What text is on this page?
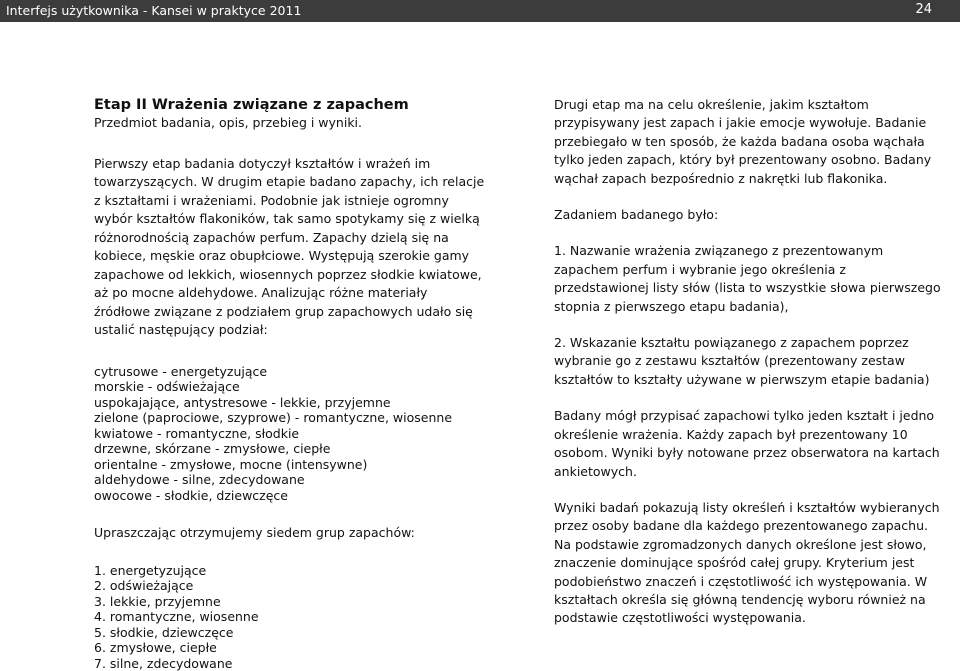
Interfejs użytkownika - Kansei w praktyce 2011	24

Etap II Wrażenia związane z zapachem

Przedmiot badania, opis, przebieg i wyniki.

Pierwszy etap badania dotyczył kształtów i wrażeń im

towarzyszących. W drugim etapie badano zapachy, ich relacje

z kształtami i wrażeniami. Podobnie jak istnieje ogromny

wybór kształtów flakoników, tak samo spotykamy się z wielką

różnorodnością zapachów perfum. Zapachy dzielą się na

kobiece, męskie oraz obupłciowe. Występują szerokie gamy

zapachowe od lekkich, wiosennych poprzez słodkie kwiatowe,

aż po mocne aldehydowe. Analizując różne materiały

źródłowe związane z podziałem grup zapachowych udało się

ustalić następujący podział:

cytrusowe - energetyzujące

morskie - odświeżające

uspokajające, antystresowe - lekkie, przyjemne

zielone (paprociowe, szyprowe) - romantyczne, wiosenne

kwiatowe - romantyczne, słodkie

drzewne, skórzane - zmysłowe, ciepłe

orientalne - zmysłowe, mocne (intensywne)

aldehydowe - silne, zdecydowane

owocowe - słodkie, dziewczęce

Upraszczając otrzymujemy siedem grup zapachów:

1. energetyzujące

2. odświeżające

3. lekkie, przyjemne

4. romantyczne, wiosenne

5. słodkie, dziewczęce

6. zmysłowe, ciepłe

7. silne, zdecydowane

Drugi etap ma na celu określenie, jakim kształtom

przypisywany jest zapach i jakie emocje wywołuje. Badanie

przebiegało w ten sposób, że każda badana osoba wąchała

tylko jeden zapach, który był prezentowany osobno. Badany

wąchał zapach bezpośrednio z nakrętki lub flakonika.

Zadaniem badanego było:

1. Nazwanie wrażenia związanego z prezentowanym

zapachem perfum i wybranie jego określenia z

przedstawionej listy słów (lista to wszystkie słowa pierwszego

stopnia z pierwszego etapu badania),

2. Wskazanie kształtu powiązanego z zapachem poprzez

wybranie go z zestawu kształtów (prezentowany zestaw

kształtów to kształty używane w pierwszym etapie badania)

Badany mógł przypisać zapachowi tylko jeden kształt i jedno

określenie wrażenia. Każdy zapach był prezentowany 10

osobom. Wyniki były notowane przez obserwatora na kartach

ankietowych.

Wyniki badań pokazują listy określeń i kształtów wybieranych

przez osoby badane dla każdego prezentowanego zapachu.

Na podstawie zgromadzonych danych określone jest słowo,

znaczenie dominujące spośród całej grupy. Kryterium jest

podobieństwo znaczeń i częstotliwość ich występowania. W

kształtach określa się główną tendencję wyboru również na

podstawie częstotliwości występowania.
